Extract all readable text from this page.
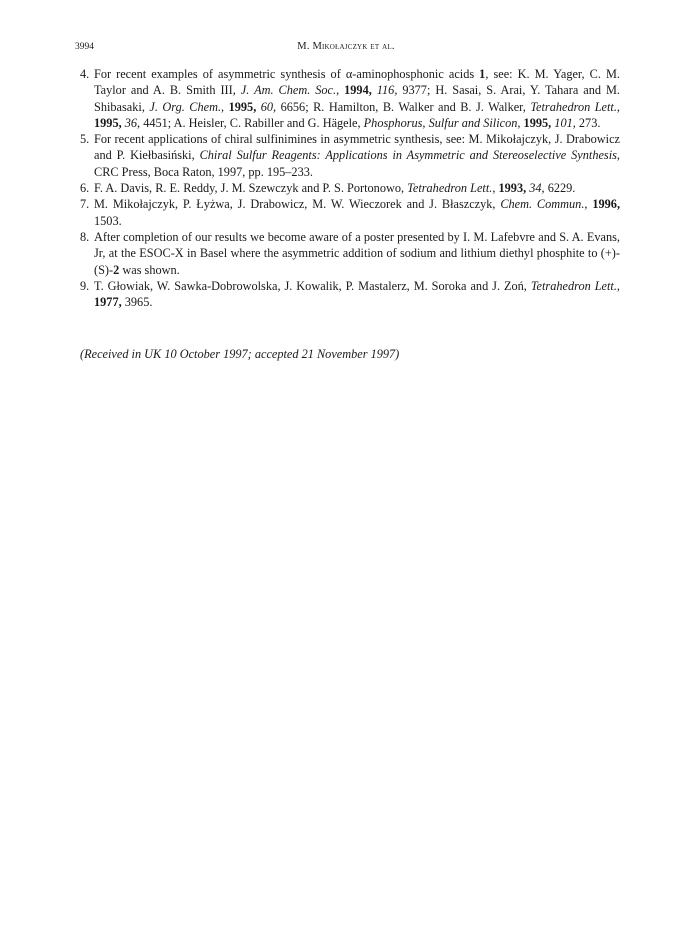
3994	M. Mikołajczyk et al.
4. For recent examples of asymmetric synthesis of α-aminophosphonic acids 1, see: K. M. Yager, C. M. Taylor and A. B. Smith III, J. Am. Chem. Soc., 1994, 116, 9377; H. Sasai, S. Arai, Y. Tahara and M. Shibasaki, J. Org. Chem., 1995, 60, 6656; R. Hamilton, B. Walker and B. J. Walker, Tetrahedron Lett., 1995, 36, 4451; A. Heisler, C. Rabiller and G. Hägele, Phosphorus, Sulfur and Silicon, 1995, 101, 273.
5. For recent applications of chiral sulfinimines in asymmetric synthesis, see: M. Mikołajczyk, J. Drabowicz and P. Kiełbasiński, Chiral Sulfur Reagents: Applications in Asymmetric and Stereoselective Synthesis, CRC Press, Boca Raton, 1997, pp. 195–233.
6. F. A. Davis, R. E. Reddy, J. M. Szewczyk and P. S. Portonowo, Tetrahedron Lett., 1993, 34, 6229.
7. M. Mikołajczyk, P. Łyżwa, J. Drabowicz, M. W. Wieczorek and J. Błaszczyk, Chem. Commun., 1996, 1503.
8. After completion of our results we become aware of a poster presented by I. M. Lafebvre and S. A. Evans, Jr, at the ESOC-X in Basel where the asymmetric addition of sodium and lithium diethyl phosphite to (+)-(S)-2 was shown.
9. T. Głowiak, W. Sawka-Dobrowolska, J. Kowalik, P. Mastalerz, M. Soroka and J. Zoń, Tetrahedron Lett., 1977, 3965.
(Received in UK 10 October 1997; accepted 21 November 1997)
